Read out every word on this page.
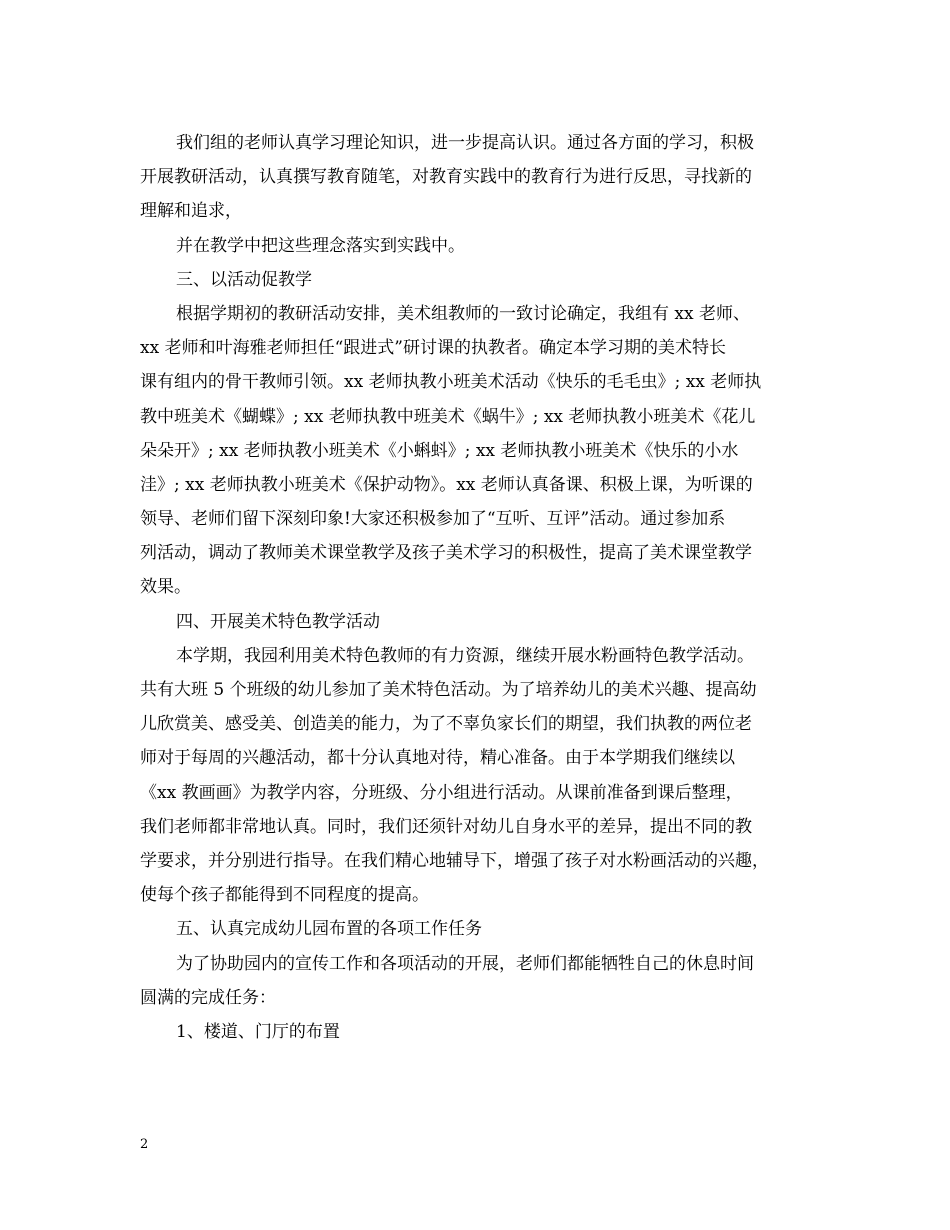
我们组的老师认真学习理论知识，进一步提高认识。通过各方面的学习，积极
开展教研活动，认真撰写教育随笔，对教育实践中的教育行为进行反思，寻找新的
理解和追求，
并在教学中把这些理念落实到实践中。
三、以活动促教学
根据学期初的教研活动安排，美术组教师的一致讨论确定，我组有 xx 老师、
xx 老师和叶海雅老师担任“跟进式”研讨课的执教者。确定本学习期的美术特长
课有组内的骨干教师引领。xx 老师执教小班美术活动《快乐的毛毛虫》; xx 老师执
教中班美术《蝴蝶》; xx 老师执教中班美术《蜗牛》; xx 老师执教小班美术《花儿
朵朵开》; xx 老师执教小班美术《小蝌蚪》; xx 老师执教小班美术《快乐的小水
洼》; xx 老师执教小班美术《保护动物》。xx 老师认真备课、积极上课，为听课的
领导、老师们留下深刻印象!大家还积极参加了“互听、互评”活动。通过参加系
列活动，调动了教师美术课堂教学及孩子美术学习的积极性，提高了美术课堂教学
效果。
四、开展美术特色教学活动
本学期，我园利用美术特色教师的有力资源，继续开展水粉画特色教学活动。
共有大班 5 个班级的幼儿参加了美术特色活动。为了培养幼儿的美术兴趣、提高幼
儿欣赏美、感受美、创造美的能力，为了不辜负家长们的期望，我们执教的两位老
师对于每周的兴趣活动，都十分认真地对待，精心准备。由于本学期我们继续以
《xx 教画画》为教学内容，分班级、分小组进行活动。从课前准备到课后整理，
我们老师都非常地认真。同时，我们还须针对幼儿自身水平的差异，提出不同的教
学要求，并分别进行指导。在我们精心地辅导下，增强了孩子对水粉画活动的兴趣，
使每个孩子都能得到不同程度的提高。
五、认真完成幼儿园布置的各项工作任务
为了协助园内的宣传工作和各项活动的开展，老师们都能牺牲自己的休息时间
圆满的完成任务：
1、楼道、门厅的布置
2
